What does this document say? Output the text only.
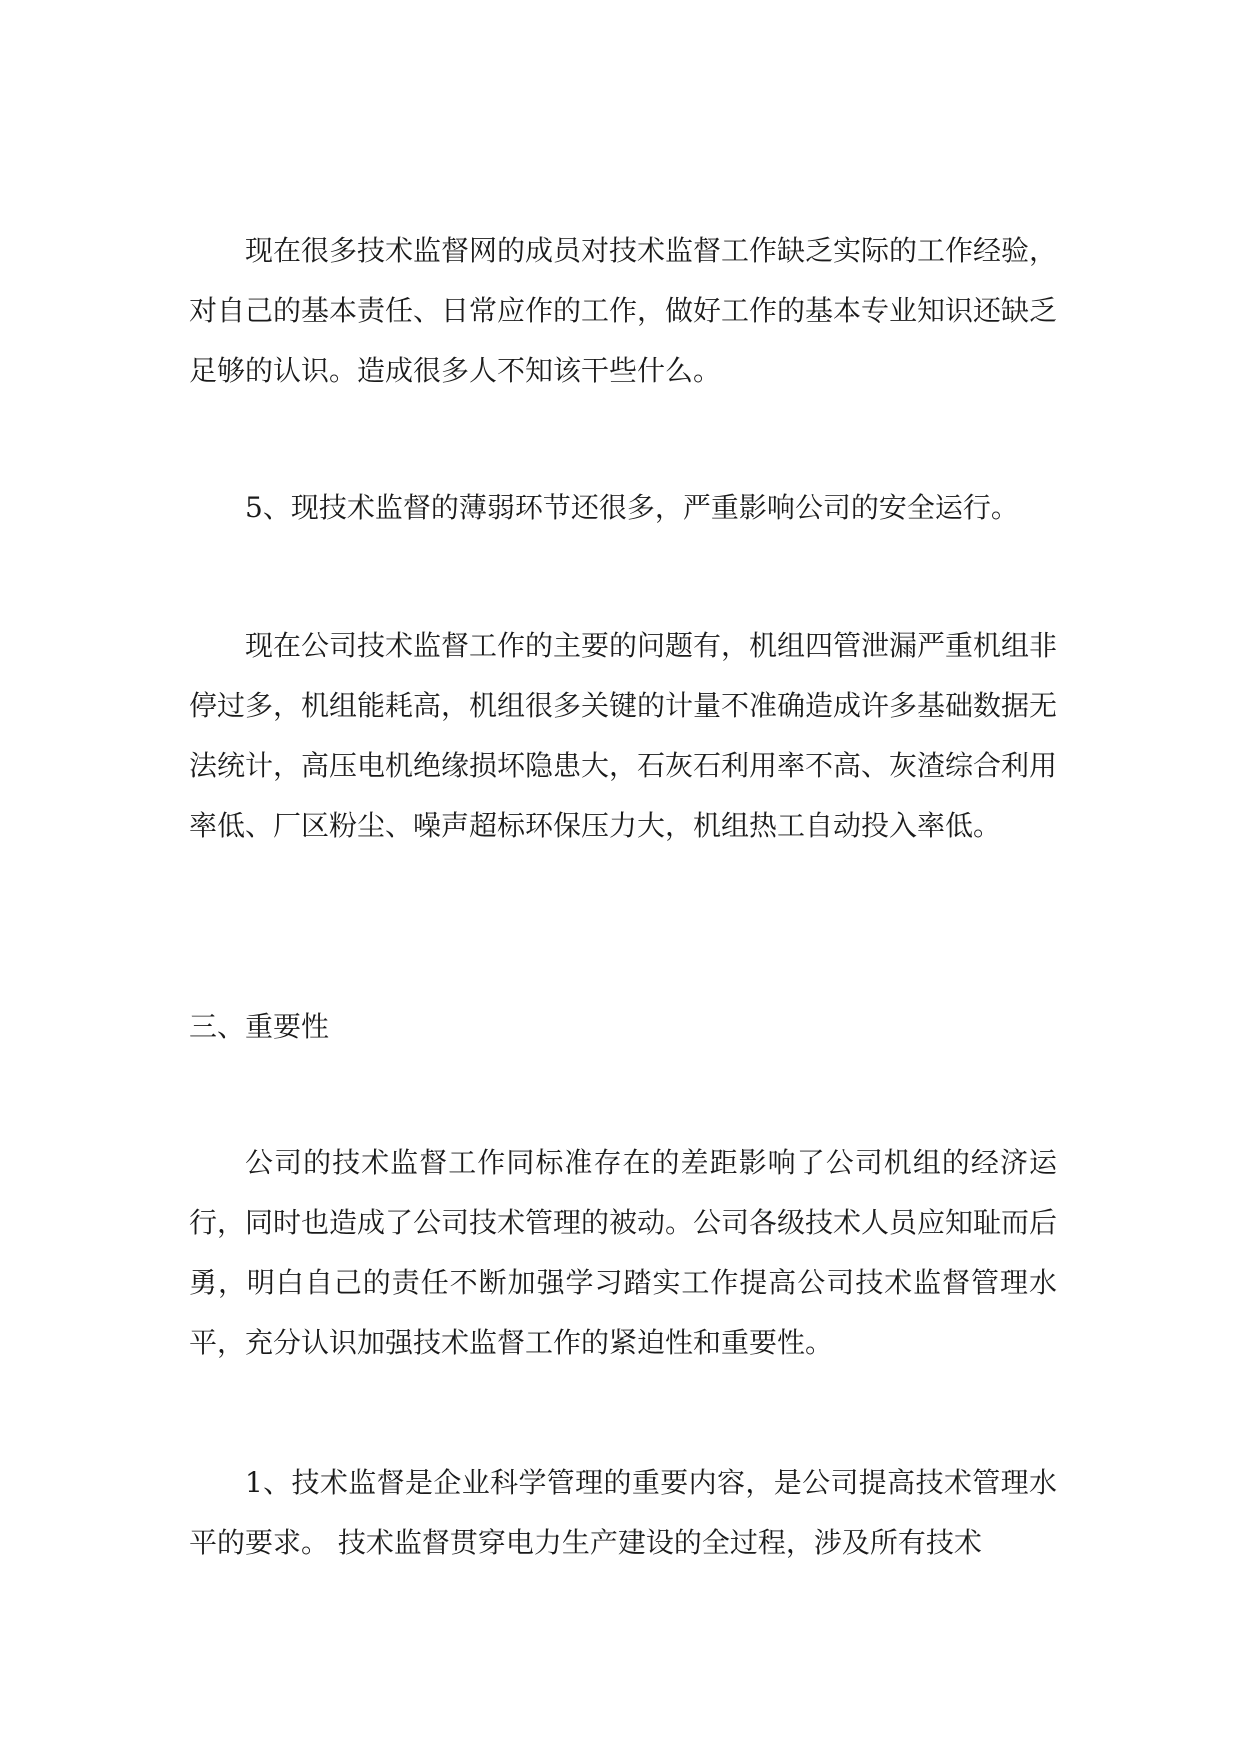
现在很多技术监督网的成员对技术监督工作缺乏实际的工作经验，对自己的基本责任、日常应作的工作，做好工作的基本专业知识还缺乏足够的认识。造成很多人不知该干些什么。

5、现技术监督的薄弱环节还很多，严重影响公司的安全运行。

现在公司技术监督工作的主要的问题有，机组四管泄漏严重机组非停过多，机组能耗高，机组很多关键的计量不准确造成许多基础数据无法统计，高压电机绝缘损坏隐患大，石灰石利用率不高、灰渣综合利用率低、厂区粉尘、噪声超标环保压力大，机组热工自动投入率低。

三、重要性

公司的技术监督工作同标准存在的差距影响了公司机组的经济运行，同时也造成了公司技术管理的被动。公司各级技术人员应知耻而后勇，明白自己的责任不断加强学习踏实工作提高公司技术监督管理水平，充分认识加强技术监督工作的紧迫性和重要性。

1、技术监督是企业科学管理的重要内容，是公司提高技术管理水平的要求。 技术监督贯穿电力生产建设的全过程，涉及所有技术
